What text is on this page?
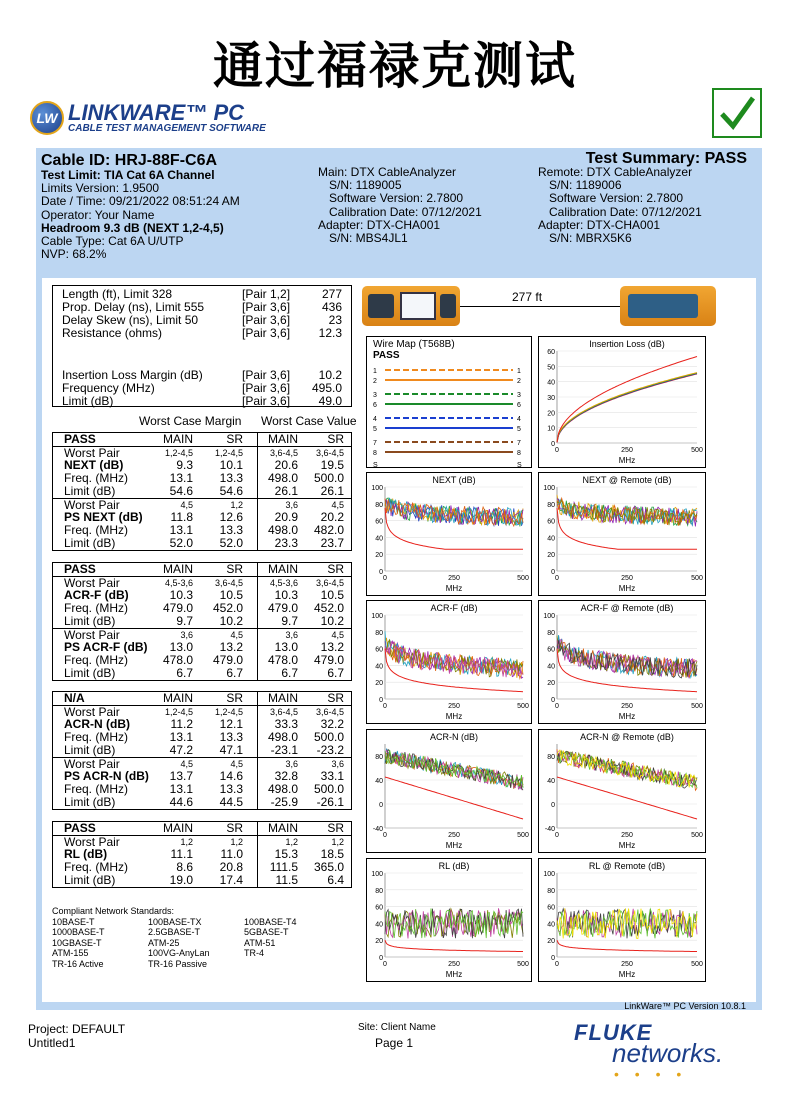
通过福禄克测试
LW LINKWARE™ PC
CABLE TEST MANAGEMENT SOFTWARE
Cable ID: HRJ-88F-C6A
Test Limit: TIA Cat 6A Channel
Limits Version: 1.9500
Date / Time: 09/21/2022 08:51:24 AM
Operator: Your Name
Headroom 9.3 dB (NEXT 1,2-4,5)
Cable Type: Cat 6A U/UTP
NVP: 68.2%
Main: DTX CableAnalyzer
S/N: 1189005
Software Version: 2.7800
Calibration Date: 07/12/2021
Adapter: DTX-CHA001
S/N: MBS4JL1
Remote: DTX CableAnalyzer
S/N: 1189006
Software Version: 2.7800
Calibration Date: 07/12/2021
Adapter: DTX-CHA001
S/N: MBRX5K6
Test Summary: PASS
Length (ft), Limit 328	[Pair 1,2]	277
Prop. Delay (ns), Limit 555	[Pair 3,6]	436
Delay Skew (ns), Limit 50	[Pair 3,6]	23
Resistance (ohms)	[Pair 3,6] 12.3
Insertion Loss Margin (dB)	[Pair 3,6] 10.2
Frequency (MHz)	[Pair 3,6] 495.0
Limit (dB)	[Pair 3,6] 49.0
Worst Case Margin Worst Case Value
PASS	MAIN	SR	MAIN	SR
Worst Pair	1,2-4,5	1,2-4,5	3,6-4,5	3,6-4,5
NEXT (dB)	9.3	10.1	20.6	19.5
Freq. (MHz)	13.1	13.3	498.0	500.0
Limit (dB)	54.6	54.6	26.1	26.1
Worst Pair	4,5	1,2	3,6	4,5
PS NEXT (dB)	11.8	12.6	20.9	20.2
Freq. (MHz)	13.1	13.3	498.0	482.0
Limit (dB)	52.0	52.0	23.3	23.7
PASS	MAIN	SR	MAIN	SR
Worst Pair	4,5-3,6	3,6-4,5	4,5-3,6	3,6-4,5
ACR-F (dB)	10.3	10.5	10.3	10.5
Freq. (MHz)	479.0	452.0	479.0	452.0
Limit (dB)	9.7	10.2	9.7	10.2
Worst Pair	3,6	4,5	3,6	4,5
PS ACR-F (dB)	13.0	13.2	13.0	13.2
Freq. (MHz)	478.0	479.0	478.0	479.0
Limit (dB)	6.7	6.7	6.7	6.7
N/A	MAIN	SR	MAIN	SR
Worst Pair	1,2-4,5	1,2-4,5	3,6-4,5	3,6-4,5
ACR-N (dB)	11.2	12.1	33.3	32.2
Freq. (MHz)	13.1	13.3	498.0	500.0
Limit (dB)	47.2	47.1	-23.1	-23.2
Worst Pair	4,5	4,5	3,6	3,6
PS ACR-N (dB)	13.7	14.6	32.8	33.1
Freq. (MHz)	13.1	13.3	498.0	500.0
Limit (dB)	44.6	44.5	-25.9	-26.1
PASS	MAIN	SR	MAIN	SR
Worst Pair	1,2	1,2	1,2	1,2
RL (dB)	11.1	11.0	15.3	18.5
Freq. (MHz)	8.6	20.8	111.5	365.0
Limit (dB)	19.0	17.4	11.5	6.4
Compliant Network Standards:
10BASE-T	100BASE-TX	100BASE-T4
1000BASE-T	2.5GBASE-T	5GBASE-T
10GBASE-T	ATM-25	ATM-51
ATM-155	100VG-AnyLan	TR-4
TR-16 Active	TR-16 Passive
277 ft
Wire Map (T568B)
PASS
1	1
2	2
3	3
6	6
4	4
5	5
7	7
8	8
S	S
Insertion Loss (dB)
0
10
20
30
40
50
60
0	250	500
MHz
NEXT (dB)
0
20
40
60
80
100
0	250	500
MHz
NEXT @ Remote (dB)
0
20
40
60
80
100
0	250	500
MHz
ACR-F (dB)
0
20
40
60
80
100
0	250	500
MHz
ACR-F @ Remote (dB)
0
20
40
60
80
100
0	250	500
MHz
ACR-N (dB)
-40
0
40
80
0	250	500
MHz
ACR-N @ Remote (dB)
-40
0
40
80
0	250	500
MHz
RL (dB)
0
20
40
60
80
100
0	250	500
MHz
RL @ Remote (dB)
0
20
40
60
80
100
0	250	500
MHz
LinkWare™ PC Version 10.8.1
Project: DEFAULT
Untitled1
Site: Client Name
Page 1	FLUKE
networks.
• • • •
